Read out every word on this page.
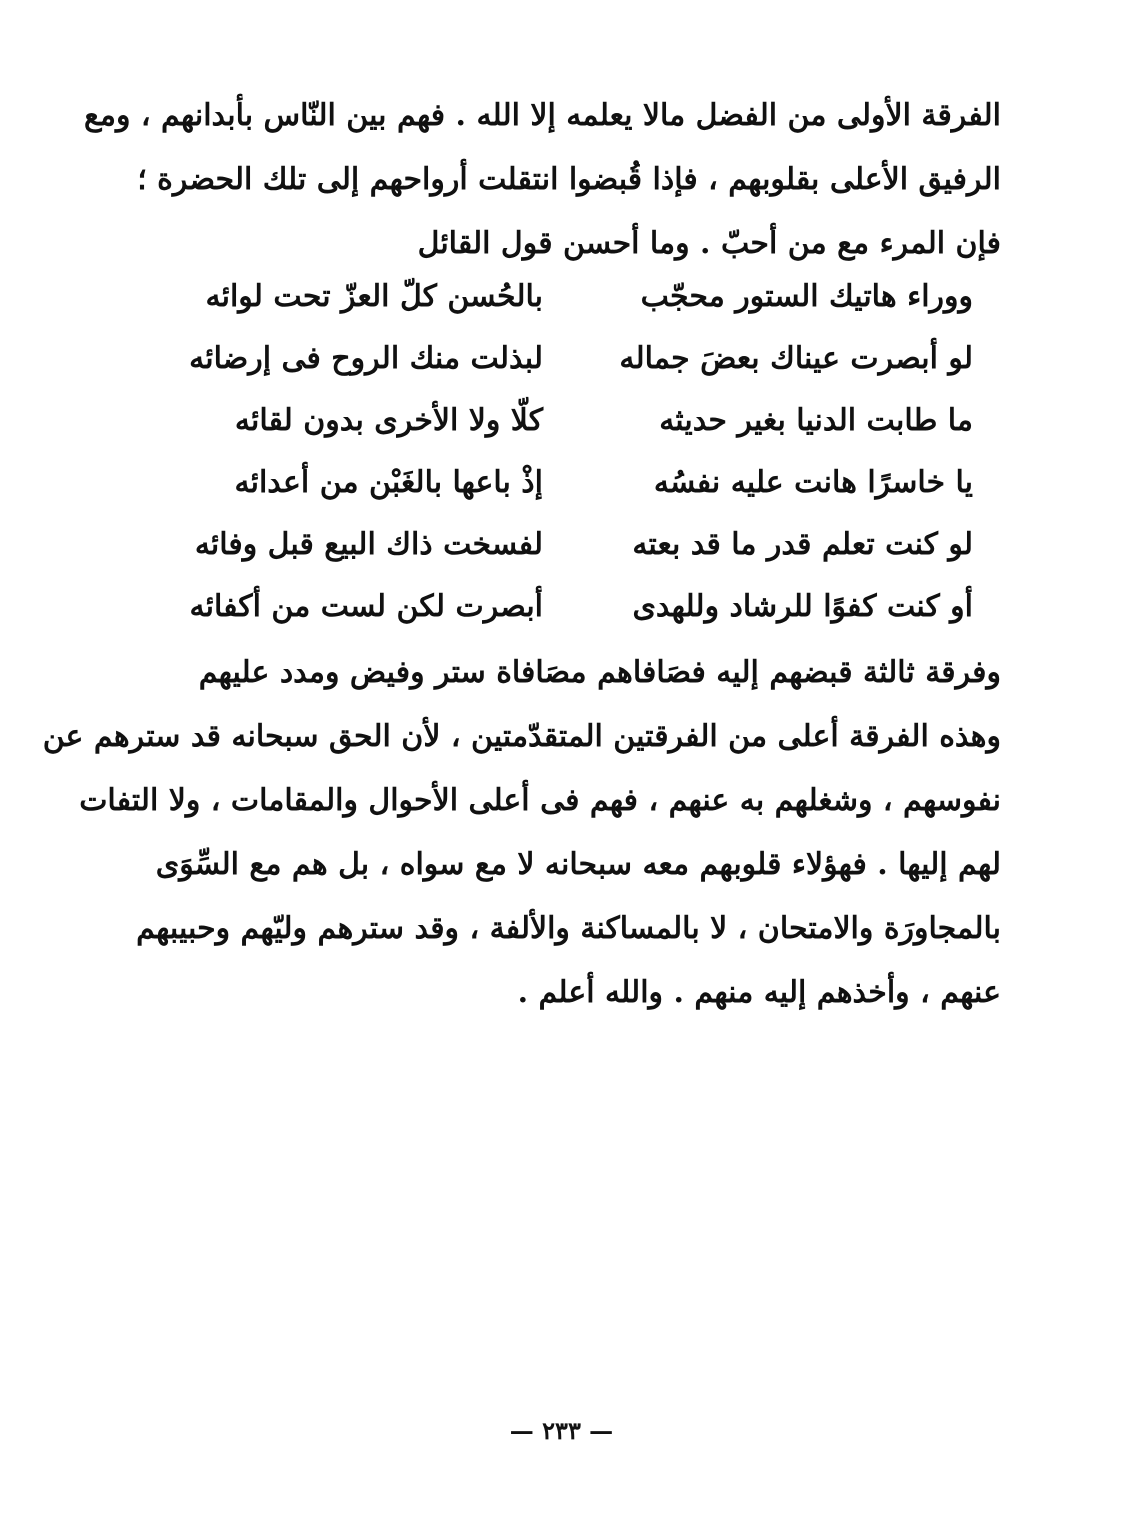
الفرقة الأولى من الفضل مالا يعلمه إلا الله . فهم بين النّاس بأبدانهم ، ومع
الرفيق الأعلى بقلوبهم ، فإذا قُبضوا انتقلت أرواحهم إلى تلك الحضرة ؛
فإن المرء مع من أحبّ . وما أحسن قول القائل
ووراء هاتيك الستور محجّب
بالحُسن كلّ العزّ تحت لوائه
لو أبصرت عيناك بعضَ جماله
لبذلت منك الروح فى إرضائه
ما طابت الدنيا بغير حديثه
كلّا ولا الأخرى بدون لقائه
يا خاسرًا هانت عليه نفسُه
إذْ باعها بالغَبْن من أعدائه
لو كنت تعلم قدر ما قد بعته
لفسخت ذاك البيع قبل وفائه
أو كنت كفوًا للرشاد وللهدى
أبصرت لكن لست من أكفائه
وفرقة ثالثة قبضهم إليه فصَافاهم مصَافاة ستر وفيض ومدد عليهم
وهذه الفرقة أعلى من الفرقتين المتقدّمتين ، لأن الحق سبحانه قد سترهم عن
نفوسهم ، وشغلهم به عنهم ، فهم فى أعلى الأحوال والمقامات ، ولا التفات
لهم إليها . فهؤلاء قلوبهم معه سبحانه لا مع سواه ، بل هم مع السِّوَى
بالمجاورَة والامتحان ، لا بالمساكنة والألفة ، وقد سترهم وليّهم وحبيبهم
عنهم ، وأخذهم إليه منهم . والله أعلم .
— ٢٣٣ —
